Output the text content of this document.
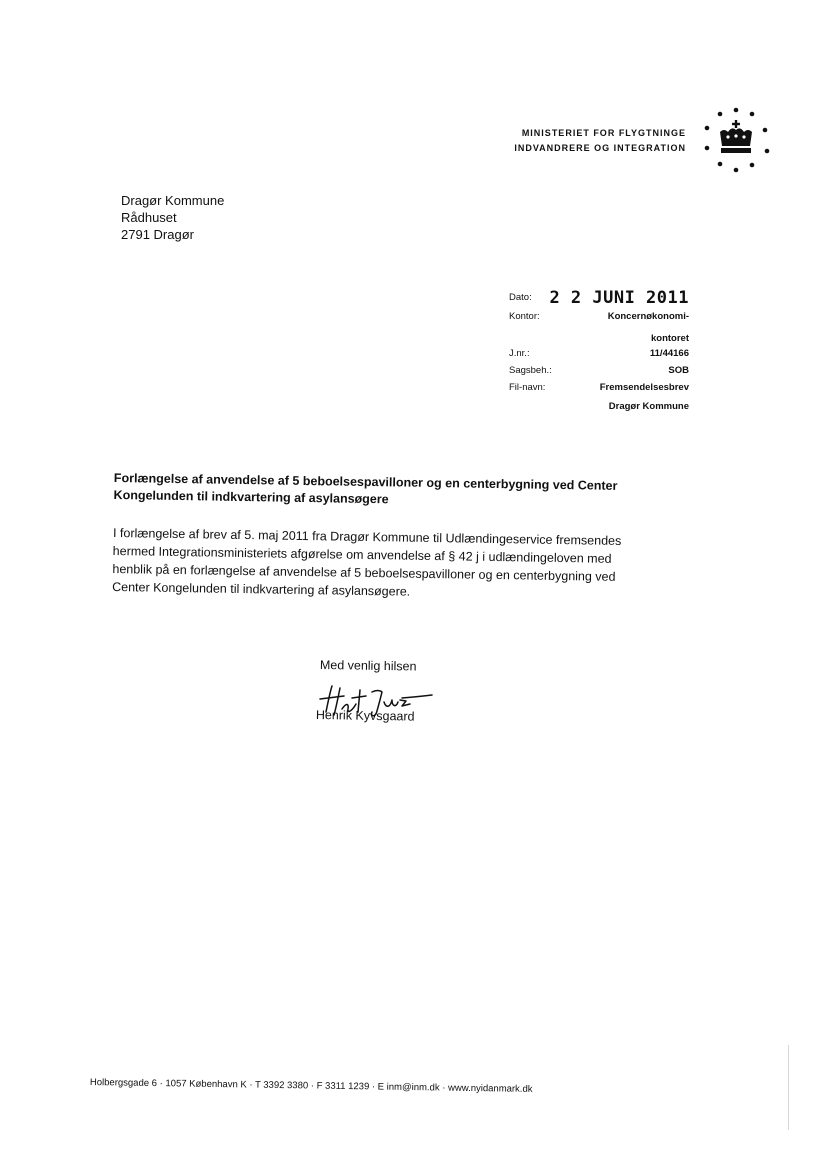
MINISTERIET FOR FLYGTNINGE
INDVANDRERE OG INTEGRATION
Dragør Kommune
Rådhuset
2791 Dragør
Dato: 2 2 JUNI 2011
Kontor:	Koncernøkonomi-
kontoret
J.nr.:	11/44166
Sagsbeh.:	SOB
Fil-navn:	Fremsendelsesbrev
Dragør Kommune
Forlængelse af anvendelse af 5 beboelsespavilloner og en centerbygning ved Center
Kongelunden til indkvartering af asylansøgere
I forlængelse af brev af 5. maj 2011 fra Dragør Kommune til Udlændingeservice fremsendes
hermed Integrationsministeriets afgørelse om anvendelse af § 42 j i udlændingeloven med
henblik på en forlængelse af anvendelse af 5 beboelsespavilloner og en centerbygning ved
Center Kongelunden til indkvartering af asylansøgere.
Med venlig hilsen
Henrik Kyvsgaard
Holbergsgade 6 · 1057 København K · T 3392 3380 · F 3311 1239 · E inm@inm.dk · www.nyidanmark.dk
